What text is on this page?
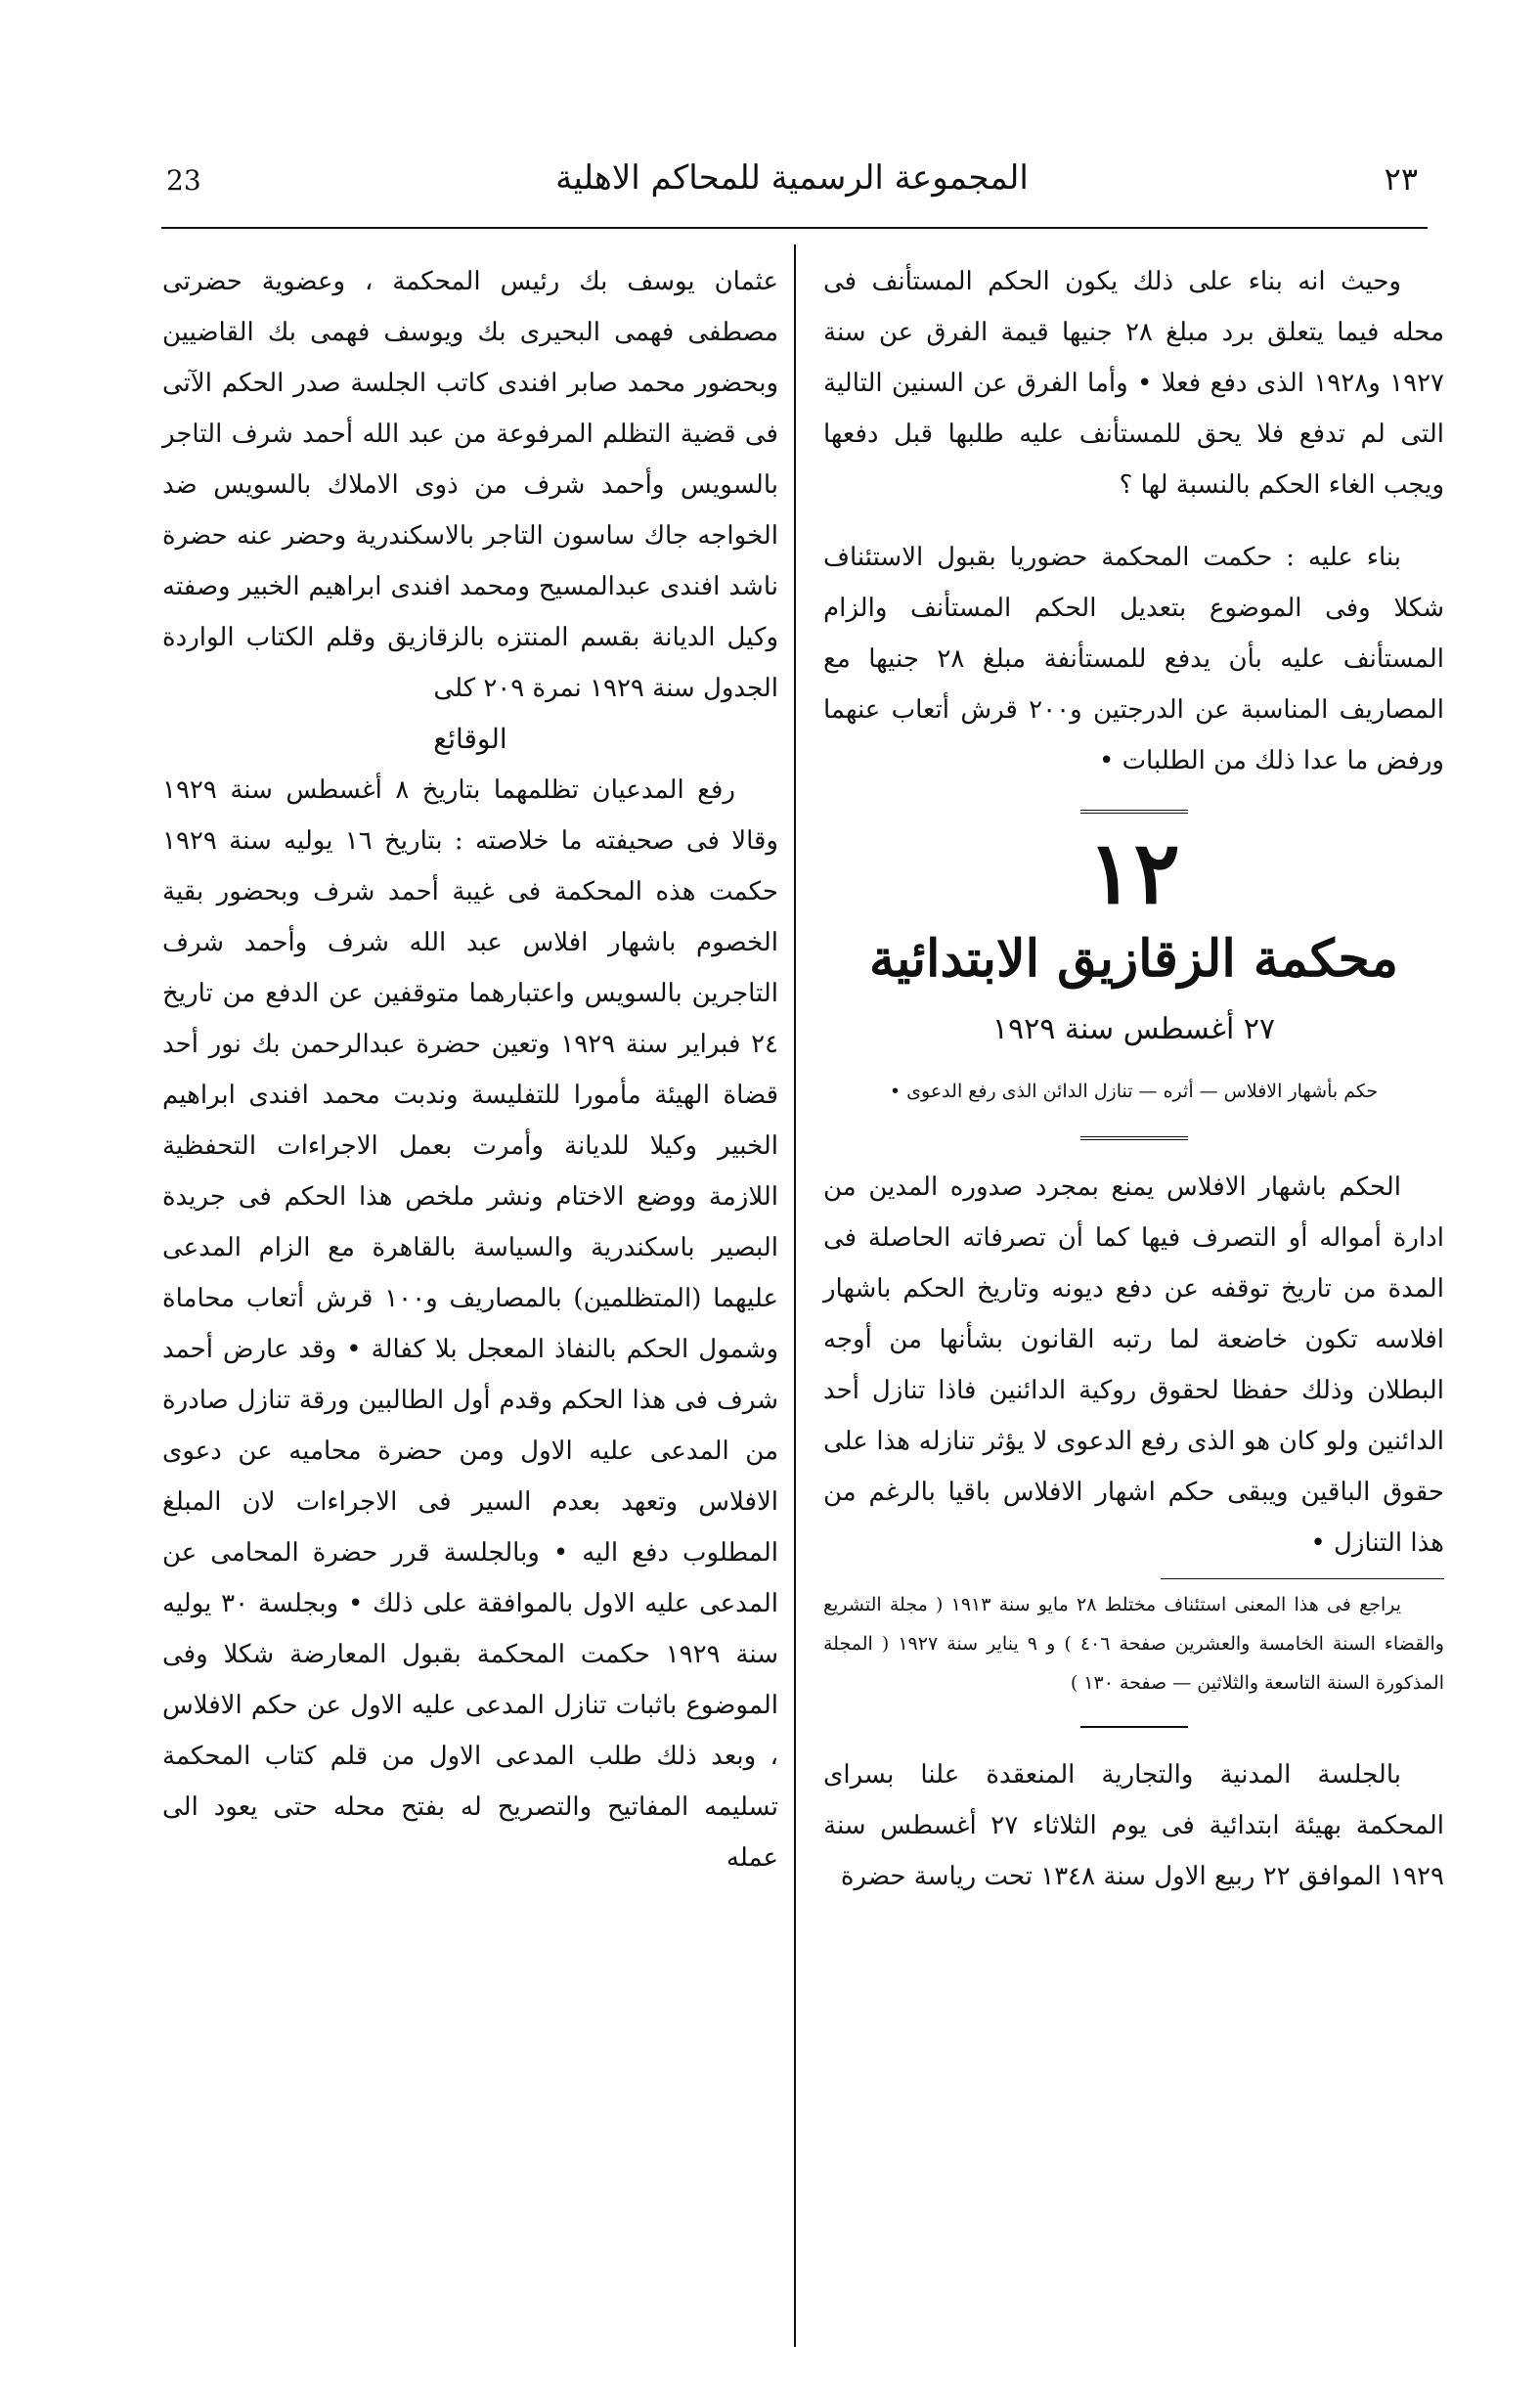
23	المجموعة الرسمية للمحاكم الاهلية	٢٣

وحيث انه بناء على ذلك يكون الحكم المستأنف فى محله فيما يتعلق برد مبلغ ٢٨ جنيها قيمة الفرق عن سنة ١٩٢٧ و١٩٢٨ الذى دفع فعلا • وأما الفرق عن السنين التالية التى لم تدفع فلا يحق للمستأنف عليه طلبها قبل دفعها ويجب الغاء الحكم بالنسبة لها ؟

بناء عليه : حكمت المحكمة حضوريا بقبول الاستئناف شكلا وفى الموضوع بتعديل الحكم المستأنف والزام المستأنف عليه بأن يدفع للمستأنفة مبلغ ٢٨ جنيها مع المصاريف المناسبة عن الدرجتين و٢٠٠ قرش أتعاب عنهما ورفض ما عدا ذلك من الطلبات •

١٢
محكمة الزقازيق الابتدائية
٢٧ أغسطس سنة ١٩٢٩
حكم بأشهار الافلاس — أثره — تنازل الدائن الذى رفع الدعوى •

الحكم باشهار الافلاس يمنع بمجرد صدوره المدين من ادارة أمواله أو التصرف فيها كما أن تصرفاته الحاصلة فى المدة من تاريخ توقفه عن دفع ديونه وتاريخ الحكم باشهار افلاسه تكون خاضعة لما رتبه القانون بشأنها من أوجه البطلان وذلك حفظا لحقوق روكية الدائنين فاذا تنازل أحد الدائنين ولو كان هو الذى رفع الدعوى لا يؤثر تنازله هذا على حقوق الباقين ويبقى حكم اشهار الافلاس باقيا بالرغم من هذا التنازل •

يراجع فى هذا المعنى استئناف مختلط ٢٨ مايو سنة ١٩١٣ ( مجلة التشريع والقضاء السنة الخامسة والعشرين صفحة ٤٠٦ ) و ٩ يناير سنة ١٩٢٧ ( المجلة المذكورة السنة التاسعة والثلاثين — صفحة ١٣٠ )

بالجلسة المدنية والتجارية المنعقدة علنا بسراى المحكمة بهيئة ابتدائية فى يوم الثلاثاء ٢٧ أغسطس سنة ١٩٢٩ الموافق ٢٢ ربيع الاول سنة ١٣٤٨ تحت رياسة حضرة

عثمان يوسف بك رئيس المحكمة ، وعضوية حضرتى مصطفى فهمى البحيرى بك ويوسف فهمى بك القاضيين وبحضور محمد صابر افندى كاتب الجلسة صدر الحكم الآتى فى قضية التظلم المرفوعة من عبد الله أحمد شرف التاجر بالسويس وأحمد شرف من ذوى الاملاك بالسويس ضد الخواجه جاك ساسون التاجر بالاسكندرية وحضر عنه حضرة ناشد افندى عبدالمسيح ومحمد افندى ابراهيم الخبير وصفته وكيل الديانة بقسم المنتزه بالزقازيق وقلم الكتاب الواردة الجدول سنة ١٩٢٩ نمرة ٢٠٩ كلى

الوقائع

رفع المدعيان تظلمهما بتاريخ ٨ أغسطس سنة ١٩٢٩ وقالا فى صحيفته ما خلاصته : بتاريخ ١٦ يوليه سنة ١٩٢٩ حكمت هذه المحكمة فى غيبة أحمد شرف وبحضور بقية الخصوم باشهار افلاس عبد الله شرف وأحمد شرف التاجرين بالسويس واعتبارهما متوقفين عن الدفع من تاريخ ٢٤ فبراير سنة ١٩٢٩ وتعين حضرة عبدالرحمن بك نور أحد قضاة الهيئة مأمورا للتفليسة وندبت محمد افندى ابراهيم الخبير وكيلا للديانة وأمرت بعمل الاجراءات التحفظية اللازمة ووضع الاختام ونشر ملخص هذا الحكم فى جريدة البصير باسكندرية والسياسة بالقاهرة مع الزام المدعى عليهما (المتظلمين) بالمصاريف و١٠٠ قرش أتعاب محاماة وشمول الحكم بالنفاذ المعجل بلا كفالة • وقد عارض أحمد شرف فى هذا الحكم وقدم أول الطالبين ورقة تنازل صادرة من المدعى عليه الاول ومن حضرة محاميه عن دعوى الافلاس وتعهد بعدم السير فى الاجراءات لان المبلغ المطلوب دفع اليه • وبالجلسة قرر حضرة المحامى عن المدعى عليه الاول بالموافقة على ذلك • وبجلسة ٣٠ يوليه سنة ١٩٢٩ حكمت المحكمة بقبول المعارضة شكلا وفى الموضوع باثبات تنازل المدعى عليه الاول عن حكم الافلاس ، وبعد ذلك طلب المدعى الاول من قلم كتاب المحكمة تسليمه المفاتيح والتصريح له بفتح محله حتى يعود الى عمله
